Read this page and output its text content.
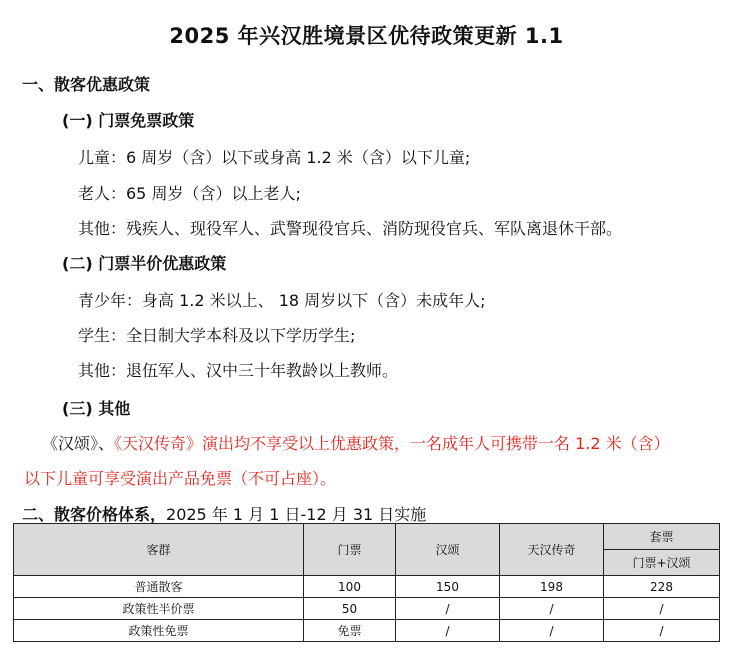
2025 年兴汉胜境景区优待政策更新 1.1
一、散客优惠政策
(一) 门票免票政策
儿童：6 周岁（含）以下或身高 1.2 米（含）以下儿童;
老人：65 周岁（含）以上老人;
其他：残疾人、现役军人、武警现役官兵、消防现役官兵、军队离退休干部。
(二) 门票半价优惠政策
青少年：身高 1.2 米以上、 18 周岁以下（含）未成年人;
学生：全日制大学本科及以下学历学生;
其他：退伍军人、汉中三十年教龄以上教师。
(三) 其他
《汉颂》、《天汉传奇》演出均不享受以上优惠政策，一名成年人可携带一名 1.2 米（含）
以下儿童可享受演出产品免票（不可占座）。
二、散客价格体系，2025 年 1 月 1 日-12 月 31 日实施
客群	门票	汉颂	天汉传奇	套票
				门票+汉颂
普通散客	100	150	198	228
政策性半价票	50	/	/	/
政策性免票	免票	/	/	/
